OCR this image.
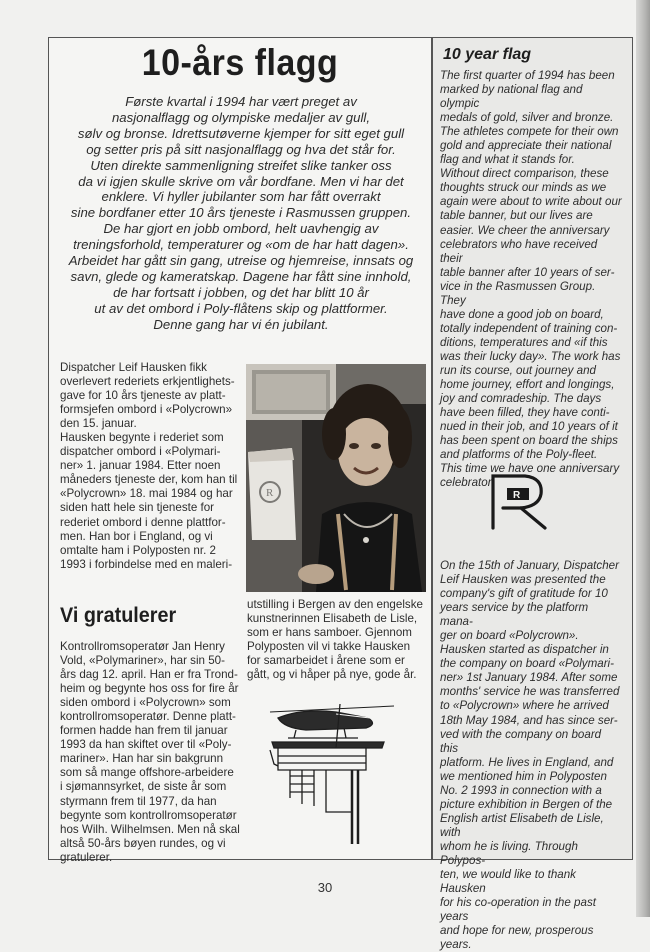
10-års flagg

Første kvartal i 1994 har vært preget av
nasjonalflagg og olympiske medaljer av gull,
sølv og bronse. Idrettsutøverne kjemper for sitt eget gull
og setter pris på sitt nasjonalflagg og hva det står for.
Uten direkte sammenligning streifet slike tanker oss
da vi igjen skulle skrive om vår bordfane. Men vi har det
enklere. Vi hyller jubilanter som har fått overrakt
sine bordfaner etter 10 års tjeneste i Rasmussen gruppen.
De har gjort en jobb ombord, helt uavhengig av
treningsforhold, temperaturer og «om de har hatt dagen».
Arbeidet har gått sin gang, utreise og hjemreise, innsats og
savn, glede og kameratskap. Dagene har fått sine innhold,
de har fortsatt i jobben, og det har blitt 10 år
ut av det ombord i Poly-flåtens skip og plattformer.
Denne gang har vi én jubilant.

Dispatcher Leif Hausken fikk
overlevert rederiets erkjentlighets-
gave for 10 års tjeneste av platt-
formsjefen ombord i «Polycrown»
den 15. januar.
Hausken begynte i rederiet som
dispatcher ombord i «Polymari-
ner» 1. januar 1984. Etter noen
måneders tjeneste der, kom han til
«Polycrown» 18. mai 1984 og har
siden hatt hele sin tjeneste for
rederiet ombord i denne plattfor-
men. Han bor i England, og vi
omtalte ham i Polyposten nr. 2
1993 i forbindelse med en maleri-

R

utstilling i Bergen av den engelske
kunstnerinnen Elisabeth de Lisle,
som er hans samboer. Gjennom
Polyposten vil vi takke Hausken
for samarbeidet i årene som er
gått, og vi håper på nye, gode år.

Vi gratulerer

Kontrollromsoperatør Jan Henry
Vold, «Polymariner», har sin 50-
års dag 12. april. Han er fra Trond-
heim og begynte hos oss for fire år
siden ombord i «Polycrown» som
kontrollromsoperatør. Denne platt-
formen hadde han frem til januar
1993 da han skiftet over til «Poly-
mariner». Han har sin bakgrunn
som så mange offshore-arbeidere
i sjømannsyrket, de siste år som
styrmann frem til 1977, da han
begynte som kontrollromsoperatør
hos Wilh. Wilhelmsen. Men nå skal
altså 50-års bøyen rundes, og vi
gratulerer.

10 year flag

The first quarter of 1994 has been
marked by national flag and olympic
medals of gold, silver and bronze.
The athletes compete for their own
gold and appreciate their national
flag and what it stands for.
Without direct comparison, these
thoughts struck our minds as we
again were about to write about our
table banner, but our lives are
easier. We cheer the anniversary
celebrators who have received their
table banner after 10 years of ser-
vice in the Rasmussen Group. They
have done a good job on board,
totally independent of training con-
ditions, temperatures and «if this
was their lucky day». The work has
run its course, out journey and
home journey, effort and longings,
joy and comradeship. The days
have been filled, they have conti-
nued in their job, and 10 years of it
has been spent on board the ships
and platforms of the Poly-fleet.
This time we have one anniversary
celebrator.

R

On the 15th of January, Dispatcher
Leif Hausken was presented the
company's gift of gratitude for 10
years service by the platform mana-
ger on board «Polycrown».
Hausken started as dispatcher in
the company on board «Polymari-
ner» 1st January 1984. After some
months' service he was transferred
to «Polycrown» where he arrived
18th May 1984, and has since ser-
ved with the company on board this
platform. He lives in England, and
we mentioned him in Polyposten
No. 2 1993 in connection with a
picture exhibition in Bergen of the
English artist Elisabeth de Lisle, with
whom he is living. Through Polypos-
ten, we would like to thank Hausken
for his co-operation in the past years
and hope for new, prosperous
years.

30
